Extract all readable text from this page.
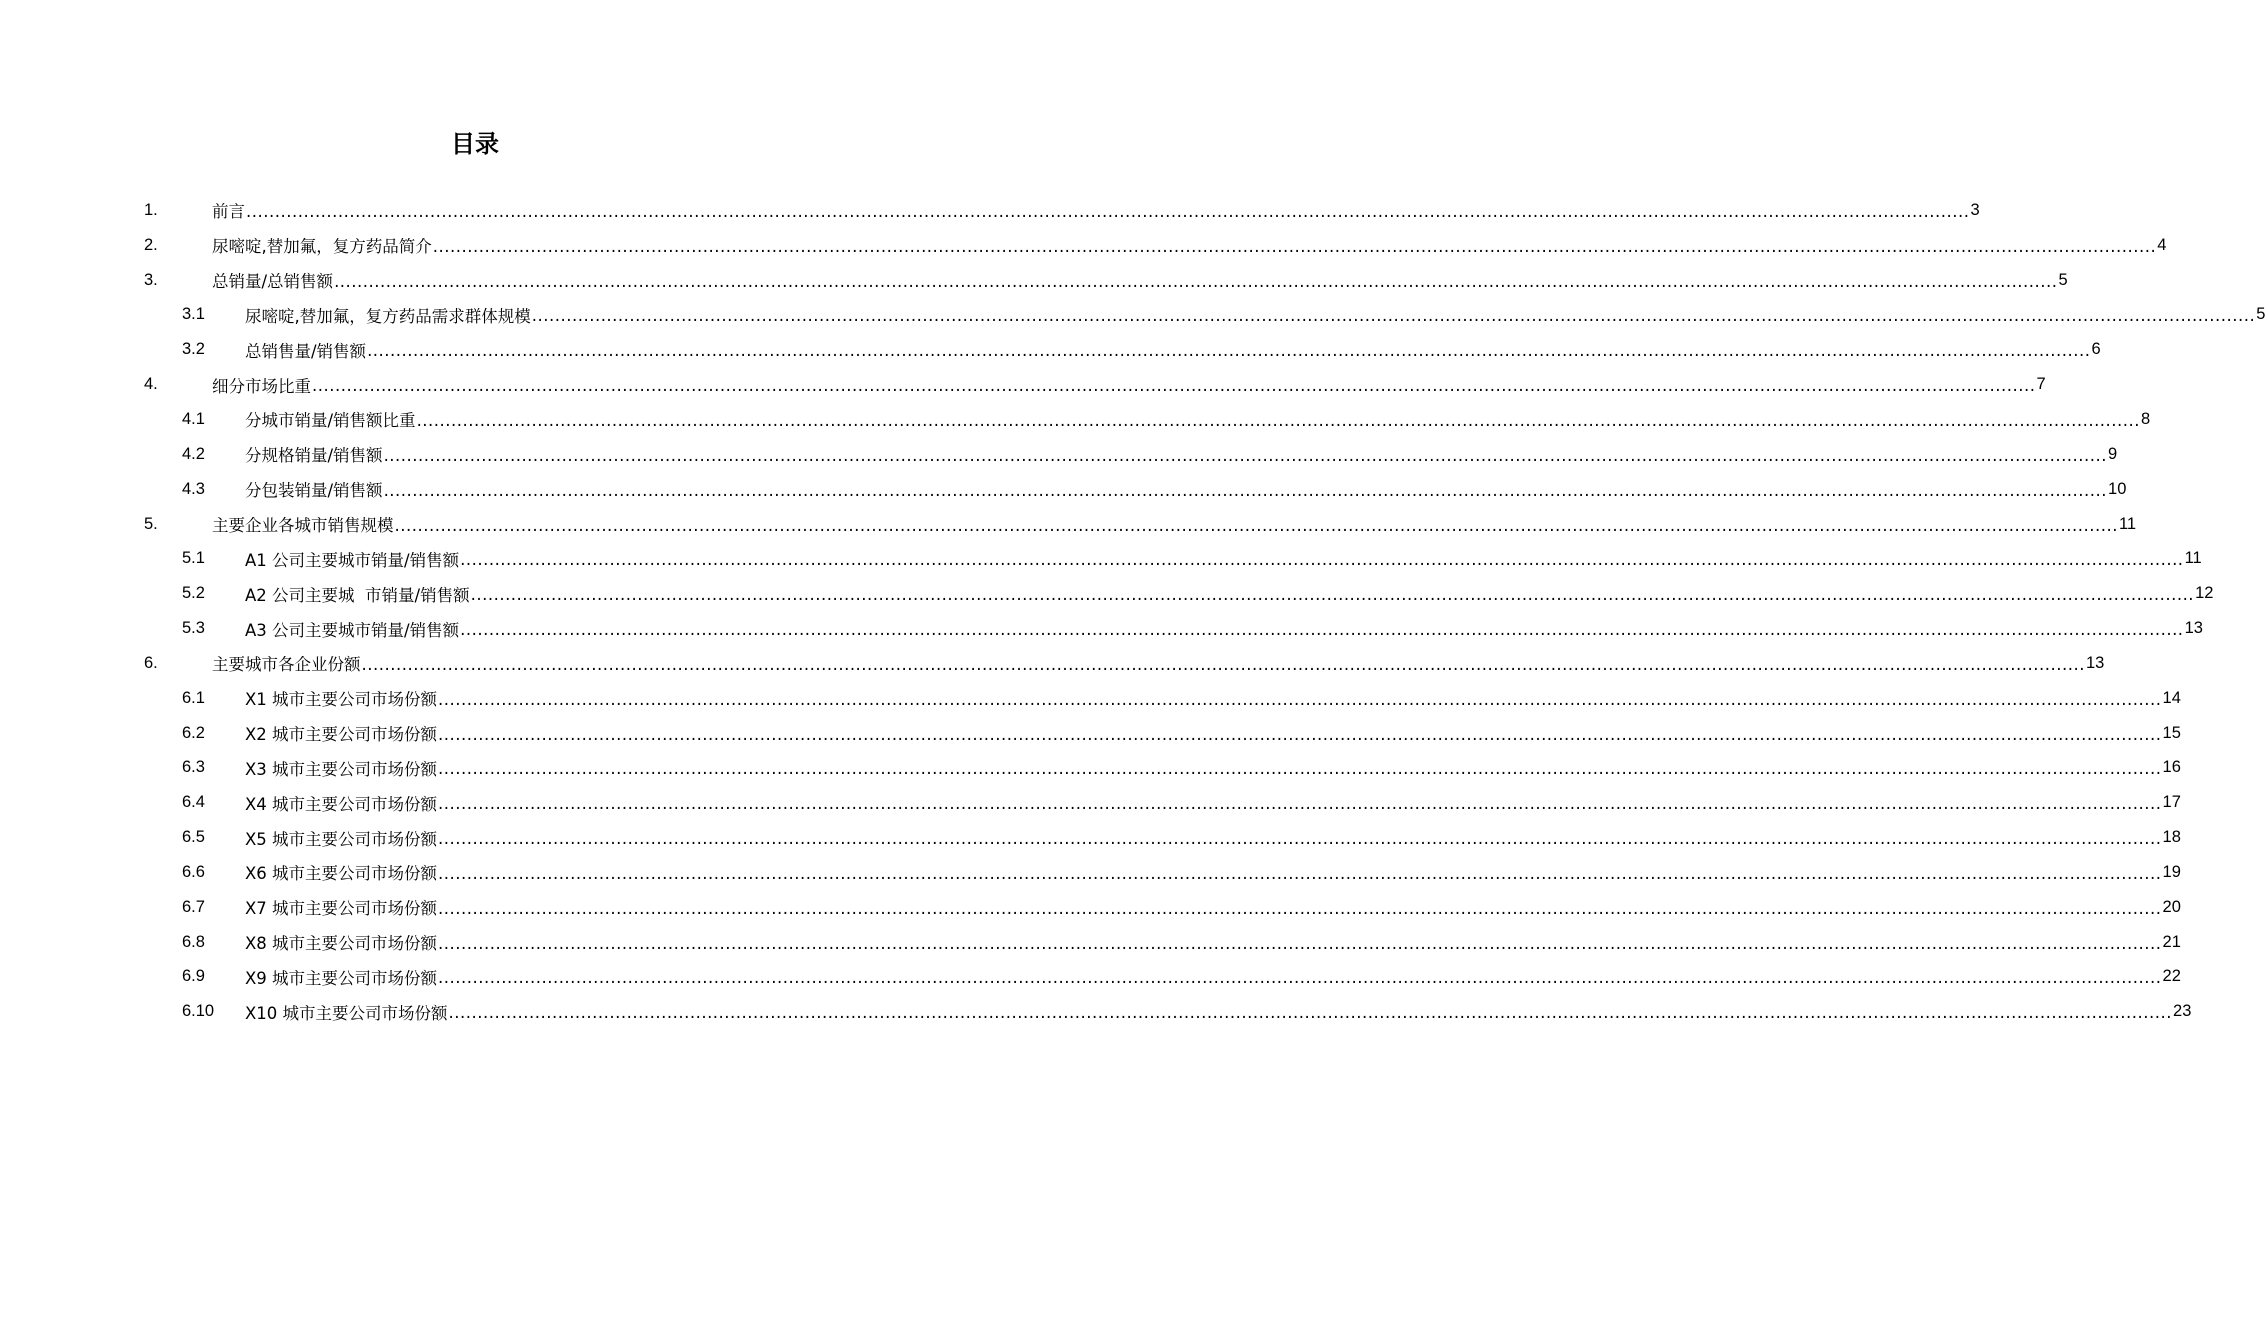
目录
1.	前言 ............................................................................................................................................................................................................................................................................................................ 3
2.	尿嘧啶,替加氟，复方药品简介 ............................................................................................................................................................................................................................................................................................................ 4
3.	总销量/总销售额 ............................................................................................................................................................................................................................................................................................................ 5
3.1 尿嘧啶,替加氟，复方药品需求群体规模 ............................................................................................................................................................................................................................................................................................................ 5
3.2 总销售量/销售额 ............................................................................................................................................................................................................................................................................................................ 6
4.	细分市场比重 ............................................................................................................................................................................................................................................................................................................ 7
4.1 分城市销量/销售额比重 ............................................................................................................................................................................................................................................................................................................ 8
4.2 分规格销量/销售额 ............................................................................................................................................................................................................................................................................................................ 9
4.3 分包装销量/销售额 ............................................................................................................................................................................................................................................................................................................ 10
5.	主要企业各城市销售规模 ............................................................................................................................................................................................................................................................................................................ 11
5.1 A1 公司主要城市销量/销售额 ............................................................................................................................................................................................................................................................................................................ 11
5.2 A2 公司主要城  市销量/销售额 ............................................................................................................................................................................................................................................................................................................ 12
5.3 A3 公司主要城市销量/销售额 ............................................................................................................................................................................................................................................................................................................ 13
6.	主要城市各企业份额 ............................................................................................................................................................................................................................................................................................................ 13
6.1 X1 城市主要公司市场份额 ............................................................................................................................................................................................................................................................................................................ 14
6.2 X2 城市主要公司市场份额 ............................................................................................................................................................................................................................................................................................................ 15
6.3 X3 城市主要公司市场份额 ............................................................................................................................................................................................................................................................................................................ 16
6.4 X4 城市主要公司市场份额 ............................................................................................................................................................................................................................................................................................................ 17
6.5 X5 城市主要公司市场份额 ............................................................................................................................................................................................................................................................................................................ 18
6.6 X6 城市主要公司市场份额 ............................................................................................................................................................................................................................................................................................................ 19
6.7 X7 城市主要公司市场份额 ............................................................................................................................................................................................................................................................................................................ 20
6.8 X8 城市主要公司市场份额 ............................................................................................................................................................................................................................................................................................................ 21
6.9 X9 城市主要公司市场份额 ............................................................................................................................................................................................................................................................................................................ 22
6.10 X10 城市主要公司市场份额 ............................................................................................................................................................................................................................................................................................................ 23
